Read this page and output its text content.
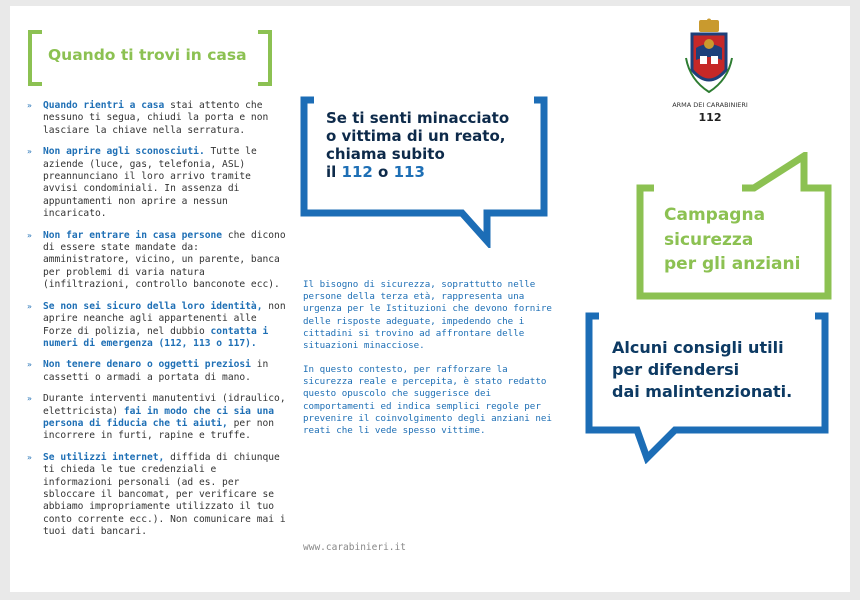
Quando ti trovi in casa
» Quando rientri a casa stai attento che nessuno ti segua, chiudi la porta e non lasciare la chiave nella serratura.
» Non aprire agli sconosciuti. Tutte le aziende (luce, gas, telefonia, ASL) preannunciano il loro arrivo tramite avvisi condominiali. In assenza di appuntamenti non aprire a nessun incaricato.
» Non far entrare in casa persone che dicono di essere state mandate da: amministratore, vicino, un parente, banca per problemi di varia natura (infiltrazioni, controllo banconote ecc).
» Se non sei sicuro della loro identità, non aprire neanche agli appartenenti alle Forze di polizia, nel dubbio contatta i numeri di emergenza (112, 113 o 117).
» Non tenere denaro o oggetti preziosi in cassetti o armadi a portata di mano.
» Durante interventi manutentivi (idraulico, elettricista) fai in modo che ci sia una persona di fiducia che ti aiuti, per non incorrere in furti, rapine e truffe.
» Se utilizzi internet, diffida di chiunque ti chieda le tue credenziali e informazioni personali (ad es. per sbloccare il bancomat, per verificare se abbiamo impropriamente utilizzato il tuo conto corrente ecc.). Non comunicare mai i tuoi dati bancari.
Se ti senti minacciato
o vittima di un reato,
chiama subito
il 112 o 113
Il bisogno di sicurezza, soprattutto nelle persone della terza età, rappresenta una urgenza per le Istituzioni che devono fornire delle risposte adeguate, impedendo che i cittadini si trovino ad affrontare delle situazioni minacciose.
In questo contesto, per rafforzare la sicurezza reale e percepita, è stato redatto questo opuscolo che suggerisce dei comportamenti ed indica semplici regole per prevenire il coinvolgimento degli anziani nei reati che li vede spesso vittime.
www.carabinieri.it
ARMA DEI CARABINIERI
112
Campagna
sicurezza
per gli anziani
Alcuni consigli utili
per difendersi
dai malintenzionati.
